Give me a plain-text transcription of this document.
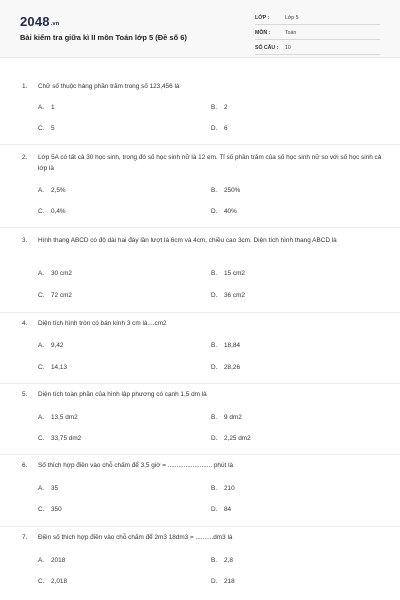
2048.vn
Bài kiểm tra giữa kì II môn Toán lớp 5 (Đề số 6)
LỚP :	Lớp 5
MÔN :	Toán
SỐ CÂU : 10
1. Chữ số thuộc hàng phần trăm trong số 123,456 là
A. 1	B. 2
C. 5	D. 6
2. Lớp 5A có tất cả 30 học sinh, trong đó số học sinh nữ là 12 em. Tỉ số phần trăm của số học sinh nữ so với số học sinh cả lớp là
A. 2,5%	B. 250%
C. 0,4%	D. 40%
3. Hình thang ABCD có độ dài hai đáy lần lượt là 6cm và 4cm, chiều cao 3cm. Diện tích hình thang ABCD là
A. 30 cm2	B. 15 cm2
C. 72 cm2	D. 36 cm2
4. Diện tích hình tròn có bán kính 3 cm là....cm2
A. 9,42	B. 18,84
C. 14,13	D. 28,26
5. Diện tích toàn phần của hình lập phương có cạnh 1,5 dm là
A. 13,5 dm2	B. 9 dm2
C. 33,75 dm2	D. 2,25 dm2
6. Số thích hợp điền vào chỗ chấm để 3,5 giờ = ......................... phút là
A. 35	B. 210
C. 350	D. 84
7. Điền số thích hợp điền vào chỗ chấm để 2m3 18dm3 = ..........dm3 là
A. 2018	B. 2,8
C. 2,018	D. 218
